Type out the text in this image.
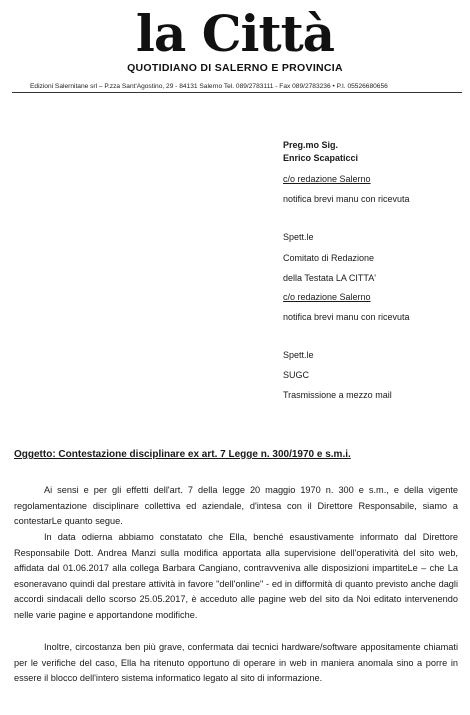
la Città
QUOTIDIANO DI SALERNO E PROVINCIA
Edizioni Salernitane srl – P.zza Sant'Agostino, 29 - 84131 Salerno Tel. 089/2783111 - Fax 089/2783236 • P.I. 05526680656
Preg.mo Sig.
Enrico Scapaticci
c/o redazione Salerno
notifica brevi manu con ricevuta
Spett.le
Comitato di Redazione
della Testata LA CITTA'
c/o redazione Salerno
notifica brevi manu con ricevuta
Spett.le
SUGC
Trasmissione a mezzo mail
Oggetto: Contestazione disciplinare ex art. 7 Legge n. 300/1970 e s.m.i.

Ai sensi e per gli effetti dell'art. 7 della legge 20 maggio 1970 n. 300 e s.m., e della vigente regolamentazione disciplinare collettiva ed aziendale, d'intesa con il Direttore Responsabile, siamo a contestarLe quanto segue.

In data odierna abbiamo constatato che Ella, benché esaustivamente informato dal Direttore Responsabile Dott. Andrea Manzi sulla modifica apportata alla supervisione dell'operatività del sito web, affidata dal 01.06.2017 alla collega Barbara Cangiano, contravveniva alle disposizioni impartiteLe – che La esoneravano quindi dal prestare attività in favore "dell'online" - ed in difformità di quanto previsto anche dagli accordi sindacali dello scorso 25.05.2017, è acceduto alle pagine web del sito da Noi editato intervenendo nelle varie pagine e apportandone modifiche.

Inoltre, circostanza ben più grave, confermata dai tecnici hardware/software appositamente chiamati per le verifiche del caso, Ella ha ritenuto opportuno di operare in web in maniera anomala sino a porre in essere il blocco dell'intero sistema informatico legato al sito di informazione.
